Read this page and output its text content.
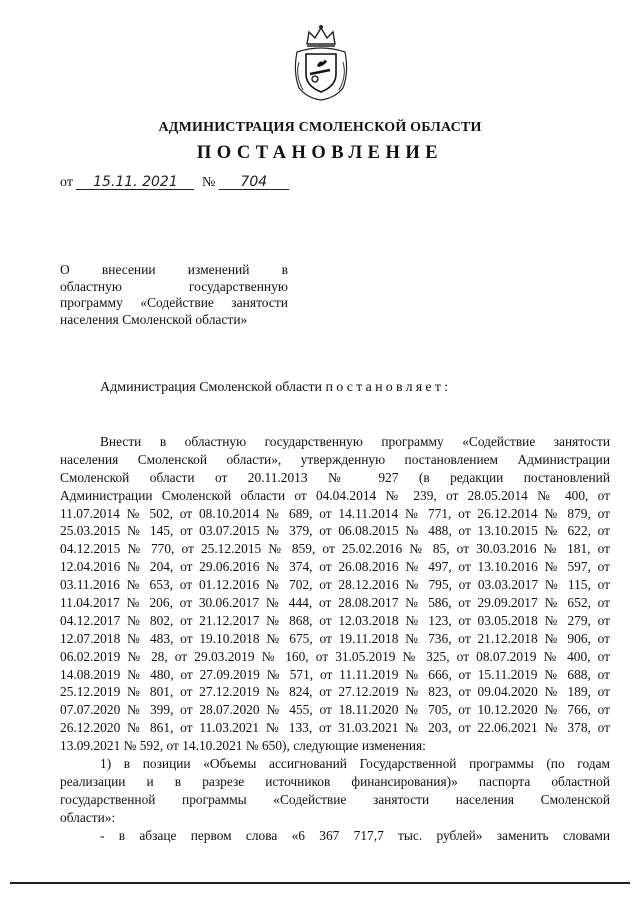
АДМИНИСТРАЦИЯ СМОЛЕНСКОЙ ОБЛАСТИ
ПОСТАНОВЛЕНИЕ
от 15.11. 2021 № 704
О внесении изменений в
областную государственную
программу «Содействие занятости
населения Смоленской области»
Администрация Смоленской области постановляет:
Внести в областную государственную программу «Содействие занятости
населения Смоленской области», утвержденную постановлением Администрации
Смоленской области от 20.11.2013 № 927 (в редакции постановлений
Администрации Смоленской области от 04.04.2014 № 239, от 28.05.2014 № 400, от
11.07.2014 № 502, от 08.10.2014 № 689, от 14.11.2014 № 771, от 26.12.2014 № 879, от
25.03.2015 № 145, от 03.07.2015 № 379, от 06.08.2015 № 488, от 13.10.2015 № 622, от
04.12.2015 № 770, от 25.12.2015 № 859, от 25.02.2016 № 85, от 30.03.2016 № 181, от
12.04.2016 № 204, от 29.06.2016 № 374, от 26.08.2016 № 497, от 13.10.2016 № 597, от
03.11.2016 № 653, от 01.12.2016 № 702, от 28.12.2016 № 795, от 03.03.2017 № 115, от
11.04.2017 № 206, от 30.06.2017 № 444, от 28.08.2017 № 586, от 29.09.2017 № 652, от
04.12.2017 № 802, от 21.12.2017 № 868, от 12.03.2018 № 123, от 03.05.2018 № 279, от
12.07.2018 № 483, от 19.10.2018 № 675, от 19.11.2018 № 736, от 21.12.2018 № 906, от
06.02.2019 № 28, от 29.03.2019 № 160, от 31.05.2019 № 325, от 08.07.2019 № 400, от
14.08.2019 № 480, от 27.09.2019 № 571, от 11.11.2019 № 666, от 15.11.2019 № 688, от
25.12.2019 № 801, от 27.12.2019 № 824, от 27.12.2019 № 823, от 09.04.2020 № 189, от
07.07.2020 № 399, от 28.07.2020 № 455, от 18.11.2020 № 705, от 10.12.2020 № 766, от
26.12.2020 № 861, от 11.03.2021 № 133, от 31.03.2021 № 203, от 22.06.2021 № 378, от
13.09.2021 № 592, от 14.10.2021 № 650), следующие изменения:
1) в позиции «Объемы ассигнований Государственной программы (по годам
реализации и в разрезе источников финансирования)» паспорта областной
государственной программы «Содействие занятости населения Смоленской
области»:
- в абзаце первом слова «6 367 717,7 тыс. рублей» заменить словами
